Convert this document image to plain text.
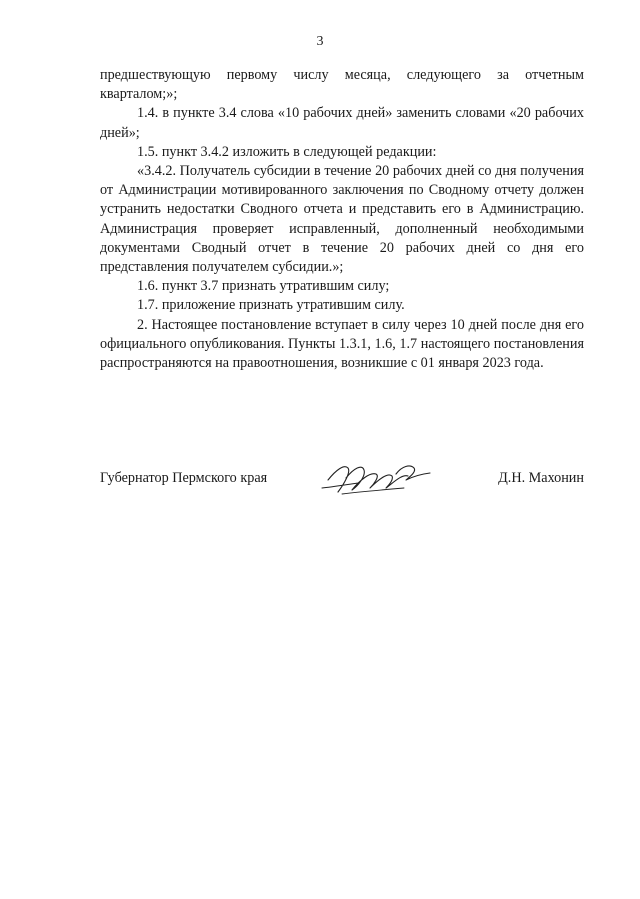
3

предшествующую первому числу месяца, следующего за отчетным кварталом;»;

1.4. в пункте 3.4 слова «10 рабочих дней» заменить словами «20 рабочих дней»;

1.5. пункт 3.4.2 изложить в следующей редакции:

«3.4.2. Получатель субсидии в течение 20 рабочих дней со дня получения от Администрации мотивированного заключения по Сводному отчету должен устранить недостатки Сводного отчета и представить его в Администрацию. Администрация проверяет исправленный, дополненный необходимыми документами Сводный отчет в течение 20 рабочих дней со дня его представления получателем субсидии.»;

1.6. пункт 3.7 признать утратившим силу;

1.7. приложение признать утратившим силу.

2. Настоящее постановление вступает в силу через 10 дней после дня его официального опубликования. Пункты 1.3.1, 1.6, 1.7 настоящего постановления распространяются на правоотношения, возникшие с 01 января 2023 года.

Губернатор Пермского края	Д.Н. Махонин
